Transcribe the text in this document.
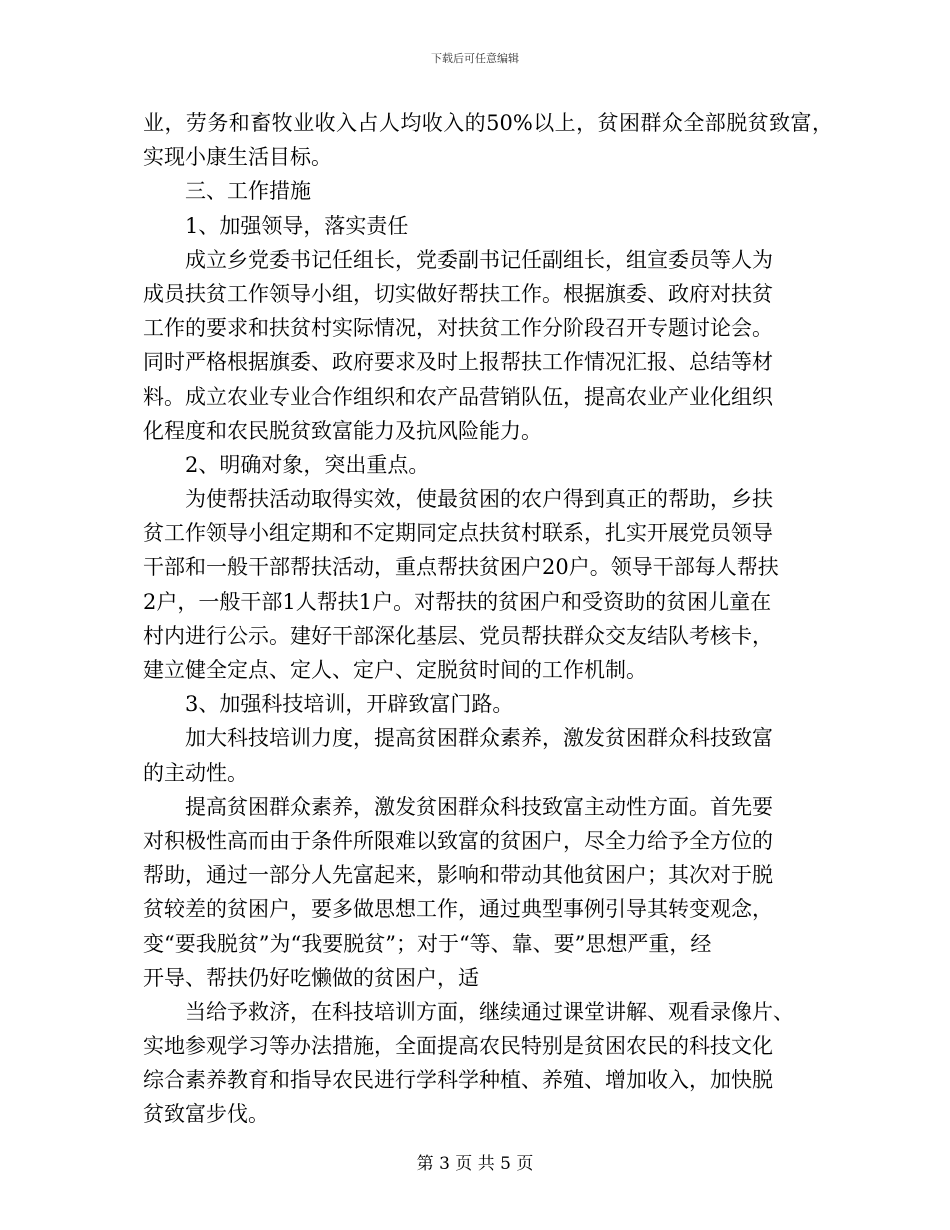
下载后可任意编辑
业，劳务和畜牧业收入占人均收入的50%以上，贫困群众全部脱贫致富，
实现小康生活目标。
三、工作措施
1、加强领导，落实责任
成立乡党委书记任组长，党委副书记任副组长，组宣委员等人为
成员扶贫工作领导小组，切实做好帮扶工作。根据旗委、政府对扶贫
工作的要求和扶贫村实际情况，对扶贫工作分阶段召开专题讨论会。
同时严格根据旗委、政府要求及时上报帮扶工作情况汇报、总结等材
料。成立农业专业合作组织和农产品营销队伍，提高农业产业化组织
化程度和农民脱贫致富能力及抗风险能力。
2、明确对象，突出重点。
为使帮扶活动取得实效，使最贫困的农户得到真正的帮助，乡扶
贫工作领导小组定期和不定期同定点扶贫村联系，扎实开展党员领导
干部和一般干部帮扶活动，重点帮扶贫困户20户。领导干部每人帮扶
2户，一般干部1人帮扶1户。对帮扶的贫困户和受资助的贫困儿童在
村内进行公示。建好干部深化基层、党员帮扶群众交友结队考核卡，
建立健全定点、定人、定户、定脱贫时间的工作机制。
3、加强科技培训，开辟致富门路。
加大科技培训力度，提高贫困群众素养，激发贫困群众科技致富
的主动性。
提高贫困群众素养，激发贫困群众科技致富主动性方面。首先要
对积极性高而由于条件所限难以致富的贫困户，尽全力给予全方位的
帮助，通过一部分人先富起来，影响和带动其他贫困户；其次对于脱
贫较差的贫困户，要多做思想工作，通过典型事例引导其转变观念，
变“要我脱贫”为“我要脱贫”；对于“等、靠、要”思想严重，经
开导、帮扶仍好吃懒做的贫困户，适
当给予救济，在科技培训方面，继续通过课堂讲解、观看录像片、
实地参观学习等办法措施，全面提高农民特别是贫困农民的科技文化
综合素养教育和指导农民进行学科学种植、养殖、增加收入，加快脱
贫致富步伐。
第 3 页 共 5 页
